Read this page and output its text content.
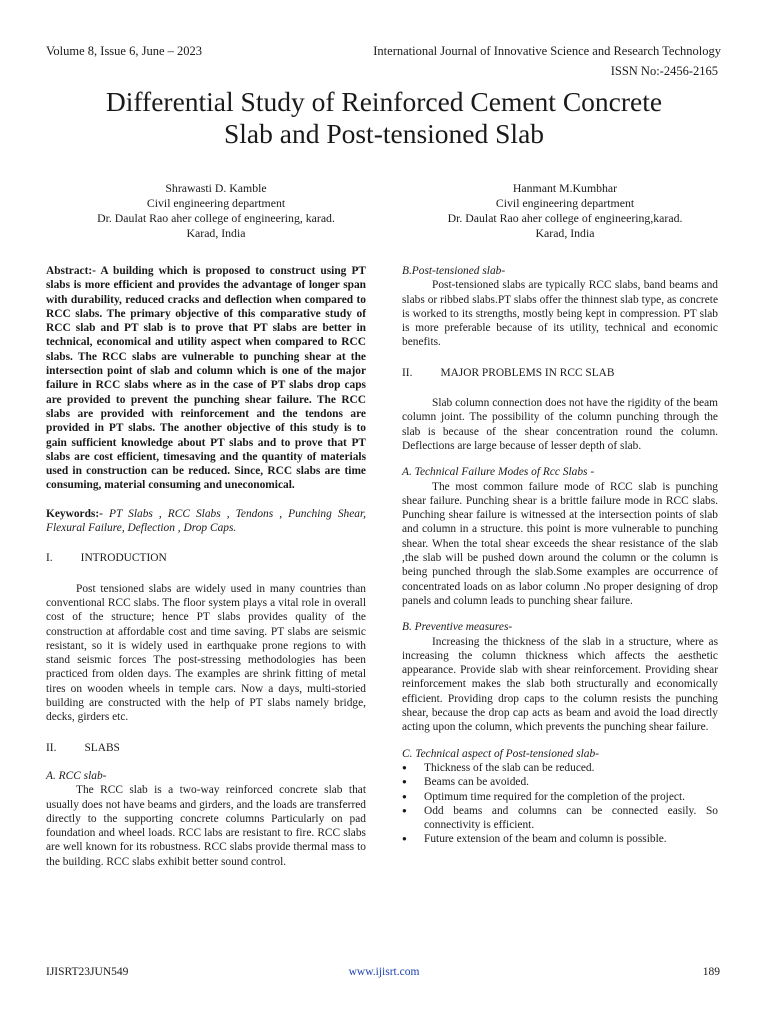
Volume 8, Issue 6, June – 2023	International Journal of Innovative Science and Research Technology
ISSN No:-2456-2165
Differential Study of Reinforced Cement Concrete
Slab and Post-tensioned Slab
Shrawasti D. Kamble
Civil engineering department
Dr. Daulat Rao aher college of engineering, karad.
Karad, India
Hanmant M.Kumbhar
Civil engineering department
Dr. Daulat Rao aher college of engineering,karad.
Karad, India

Abstract:- A building which is proposed to construct using PT slabs is more efficient and provides the advantage of longer span with durability, reduced cracks and deflection when compared to RCC slabs. The primary objective of this comparative study of RCC slab and PT slab is to prove that PT slabs are better in technical, economical and utility aspect when compared to RCC slabs. The RCC slabs are vulnerable to punching shear at the intersection point of slab and column which is one of the major failure in RCC slabs where as in the case of PT slabs drop caps are provided to prevent the punching shear failure. The RCC slabs are provided with reinforcement and the tendons are provided in PT slabs. The another objective of this study is to gain sufficient knowledge about PT slabs and to prove that PT slabs are cost efficient, timesaving and the quantity of materials used in construction can be reduced. Since, RCC slabs are time consuming, material consuming and uneconomical.

Keywords:- PT Slabs , RCC Slabs , Tendons , Punching Shear, Flexural Failure, Deflection , Drop Caps.

I. INTRODUCTION

Post tensioned slabs are widely used in many countries than conventional RCC slabs. The floor system plays a vital role in overall cost of the structure; hence PT slabs provides quality of the construction at affordable cost and time saving. PT slabs are seismic resistant, so it is widely used in earthquake prone regions to with stand seismic forces The post-stressing methodologies has been practiced from olden days. The examples are shrink fitting of metal tires on wooden wheels in temple cars. Now a days, multi-storied building are constructed with the help of PT slabs namely bridge, decks, girders etc.

II. SLABS

A. RCC slab-

The RCC slab is a two-way reinforced concrete slab that usually does not have beams and girders, and the loads are transferred directly to the supporting concrete columns Particularly on pad foundation and wheel loads. RCC labs are resistant to fire. RCC slabs are well known for its robustness. RCC slabs provide thermal mass to the building. RCC slabs exhibit better sound control.

B.Post-tensioned slab-

Post-tensioned slabs are typically RCC slabs, band beams and slabs or ribbed slabs.PT slabs offer the thinnest slab type, as concrete is worked to its strengths, mostly being kept in compression. PT slab is more preferable because of its utility, technical and economic benefits.

II. MAJOR PROBLEMS IN RCC SLAB

Slab column connection does not have the rigidity of the beam column joint. The possibility of the column punching through the slab is because of the shear concentration round the column. Deflections are large because of lesser depth of slab.

A. Technical Failure Modes of Rcc Slabs -

The most common failure mode of RCC slab is punching shear failure. Punching shear is a brittle failure mode in RCC slabs. Punching shear failure is witnessed at the intersection points of slab and column in a structure. this point is more vulnerable to punching shear. When the total shear exceeds the shear resistance of the slab ,the slab will be pushed down around the column or the column is being punched through the slab.Some examples are occurrence of concentrated loads on as labor column .No proper designing of drop panels and column leads to punching shear failure.

B. Preventive measures-

Increasing the thickness of the slab in a structure, where as increasing the column thickness which affects the aesthetic appearance. Provide slab with shear reinforcement. Providing shear reinforcement makes the slab both structurally and economically efficient. Providing drop caps to the column resists the punching shear, because the drop cap acts as beam and avoid the load directly acting upon the column, which prevents the punching shear failure.

C. Technical aspect of Post-tensioned slab-

● Thickness of the slab can be reduced.
● Beams can be avoided.
● Optimum time required for the completion of the project.
● Odd beams and columns can be connected easily. So connectivity is efficient.
● Future extension of the beam and column is possible.
IJISRT23JUN549	www.ijisrt.com	189
